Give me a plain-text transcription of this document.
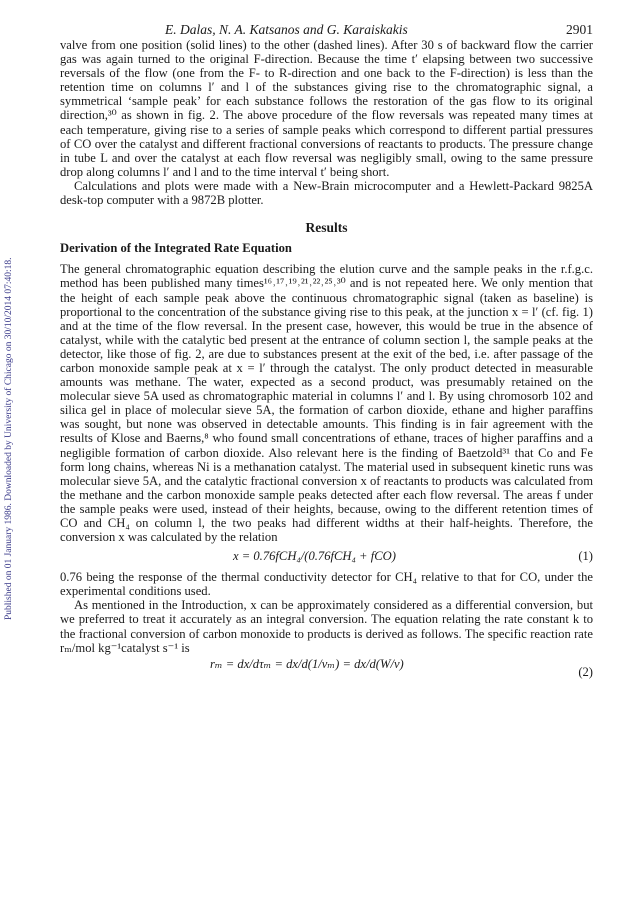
Published on 01 January 1986. Downloaded by University of Chicago on 30/10/2014 07:40:18.
E. Dalas, N. A. Katsanos and G. Karaiskakis	2901

valve from one position (solid lines) to the other (dashed lines). After 30 s of backward flow the carrier gas was again turned to the original F-direction. Because the time t′ elapsing between two successive reversals of the flow (one from the F- to R-direction and one back to the F-direction) is less than the retention time on columns l′ and l of the substances giving rise to the chromatographic signal, a symmetrical ‘sample peak’ for each substance follows the restoration of the gas flow to its original direction,³⁰ as shown in fig. 2. The above procedure of the flow reversals was repeated many times at each temperature, giving rise to a series of sample peaks which correspond to different partial pressures of CO over the catalyst and different fractional conversions of reactants to products. The pressure change in tube L and over the catalyst at each flow reversal was negligibly small, owing to the same pressure drop along columns l′ and l and to the time interval t′ being short.

Calculations and plots were made with a New-Brain microcomputer and a Hewlett-Packard 9825A desk-top computer with a 9872B plotter.

Results
Derivation of the Integrated Rate Equation

The general chromatographic equation describing the elution curve and the sample peaks in the r.f.g.c. method has been published many times¹⁶˒¹⁷˒¹⁹˒²¹˒²²˒²⁵˒³⁰ and is not repeated here. We only mention that the height of each sample peak above the continuous chromatographic signal (taken as baseline) is proportional to the concentration of the substance giving rise to this peak, at the junction x = l′ (cf. fig. 1) and at the time of the flow reversal. In the present case, however, this would be true in the absence of catalyst, while with the catalytic bed present at the entrance of column section l, the sample peaks at the detector, like those of fig. 2, are due to substances present at the exit of the bed, i.e. after passage of the carbon monoxide sample peak at x = l′ through the catalyst. The only product detected in measurable amounts was methane. The water, expected as a second product, was presumably retained on the molecular sieve 5A used as chromatographic material in columns l′ and l. By using chromosorb 102 and silica gel in place of molecular sieve 5A, the formation of carbon dioxide, ethane and higher paraffins was sought, but none was observed in detectable amounts. This finding is in fair agreement with the results of Klose and Baerns,⁸ who found small concentrations of ethane, traces of higher paraffins and a negligible formation of carbon dioxide. Also relevant here is the finding of Baetzold³¹ that Co and Fe form long chains, whereas Ni is a methanation catalyst. The material used in subsequent kinetic runs was molecular sieve 5A, and the catalytic fractional conversion x of reactants to products was calculated from the methane and the carbon monoxide sample peaks detected after each flow reversal. The areas f under the sample peaks were used, instead of their heights, because, owing to the different retention times of CO and CH₄ on column l, the two peaks had different widths at their half-heights. Therefore, the conversion x was calculated by the relation

x = 0.76fCH₄/(0.76fCH₄ + fCO)	(1)

0.76 being the response of the thermal conductivity detector for CH₄ relative to that for CO, under the experimental conditions used.

As mentioned in the Introduction, x can be approximately considered as a differential conversion, but we preferred to treat it accurately as an integral conversion. The equation relating the rate constant k to the fractional conversion of carbon monoxide to products is derived as follows. The specific reaction rate rₘ/mol kg⁻¹catalyst s⁻¹ is

rₘ = dx/dτₘ = dx/d(1/vₘ) = dx/d(W/v)
(2)
